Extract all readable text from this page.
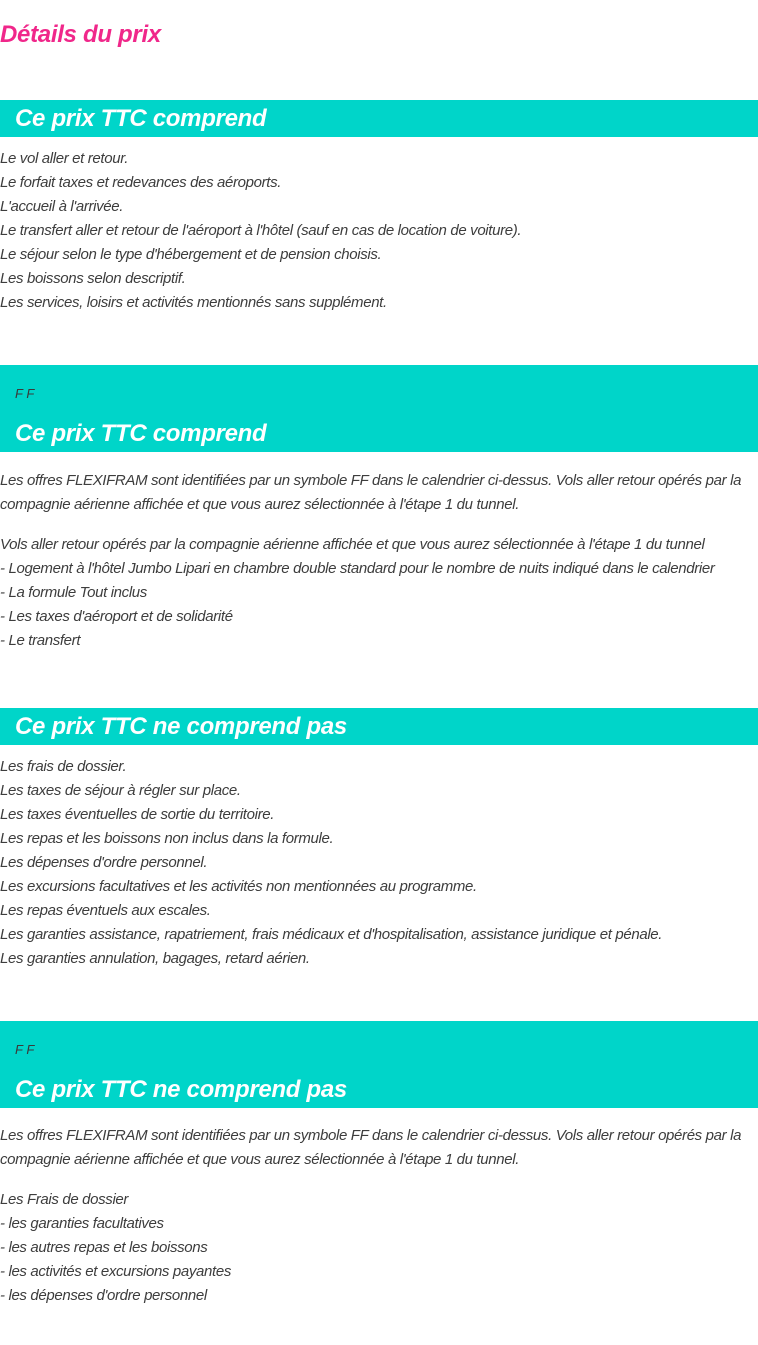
Détails du prix
Ce prix TTC comprend
Le vol aller et retour.
Le forfait taxes et redevances des aéroports.
L'accueil à l'arrivée.
Le transfert aller et retour de l'aéroport à l'hôtel (sauf en cas de location de voiture).
Le séjour selon le type d'hébergement et de pension choisis.
Les boissons selon descriptif.
Les services, loisirs et activités mentionnés sans supplément.
F F
Ce prix TTC comprend

Les offres FLEXIFRAM sont identifiées par un symbole FF dans le calendrier ci-dessus. Vols aller retour opérés par la compagnie aérienne affichée et que vous aurez sélectionnée à l'étape 1 du tunnel.

Vols aller retour opérés par la compagnie aérienne affichée et que vous aurez sélectionnée à l'étape 1 du tunnel
- Logement à l'hôtel Jumbo Lipari en chambre double standard pour le nombre de nuits indiqué dans le calendrier
- La formule Tout inclus
- Les taxes d'aéroport et de solidarité
- Le transfert
Ce prix TTC ne comprend pas
Les frais de dossier.
Les taxes de séjour à régler sur place.
Les taxes éventuelles de sortie du territoire.
Les repas et les boissons non inclus dans la formule.
Les dépenses d'ordre personnel.
Les excursions facultatives et les activités non mentionnées au programme.
Les repas éventuels aux escales.
Les garanties assistance, rapatriement, frais médicaux et d'hospitalisation, assistance juridique et pénale.
Les garanties annulation, bagages, retard aérien.
F F
Ce prix TTC ne comprend pas

Les offres FLEXIFRAM sont identifiées par un symbole FF dans le calendrier ci-dessus. Vols aller retour opérés par la compagnie aérienne affichée et que vous aurez sélectionnée à l'étape 1 du tunnel.

Les Frais de dossier
- les garanties facultatives
- les autres repas et les boissons
- les activités et excursions payantes
- les dépenses d'ordre personnel
